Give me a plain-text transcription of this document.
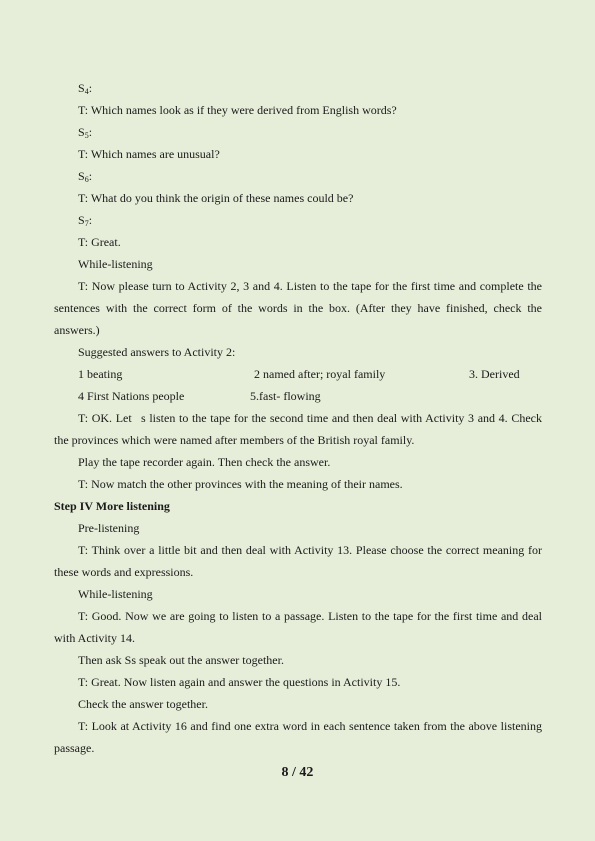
$S_4$:
T: Which names look as if they were derived from English words?
$S_5$:
T: Which names are unusual?
$S_6$:
T: What do you think the origin of these names could be?
$S_7$:
T: Great.
While-listening
T: Now please turn to Activity 2, 3 and 4. Listen to the tape for the first time and complete the
sentences with the correct form of the words in the box. (After they have finished, check the
answers.)
Suggested answers to Activity 2:
1 beating	2 named after; royal family	3. Derived
4 First Nations people	5.fast- flowing
T: OK. Let s listen to the tape for the second time and then deal with Activity 3 and 4. Check
the provinces which were named after members of the British royal family.
Play the tape recorder again. Then check the answer.
T: Now match the other provinces with the meaning of their names.
Step IV More listening
Pre-listening
T: Think over a little bit and then deal with Activity 13. Please choose the correct meaning for
these words and expressions.
While-listening
T: Good. Now we are going to listen to a passage. Listen to the tape for the first time and deal
with Activity 14.
Then ask Ss speak out the answer together.
T: Great. Now listen again and answer the questions in Activity 15.
Check the answer together.
T: Look at Activity 16 and find one extra word in each sentence taken from the above listening
passage.
8 / 42
